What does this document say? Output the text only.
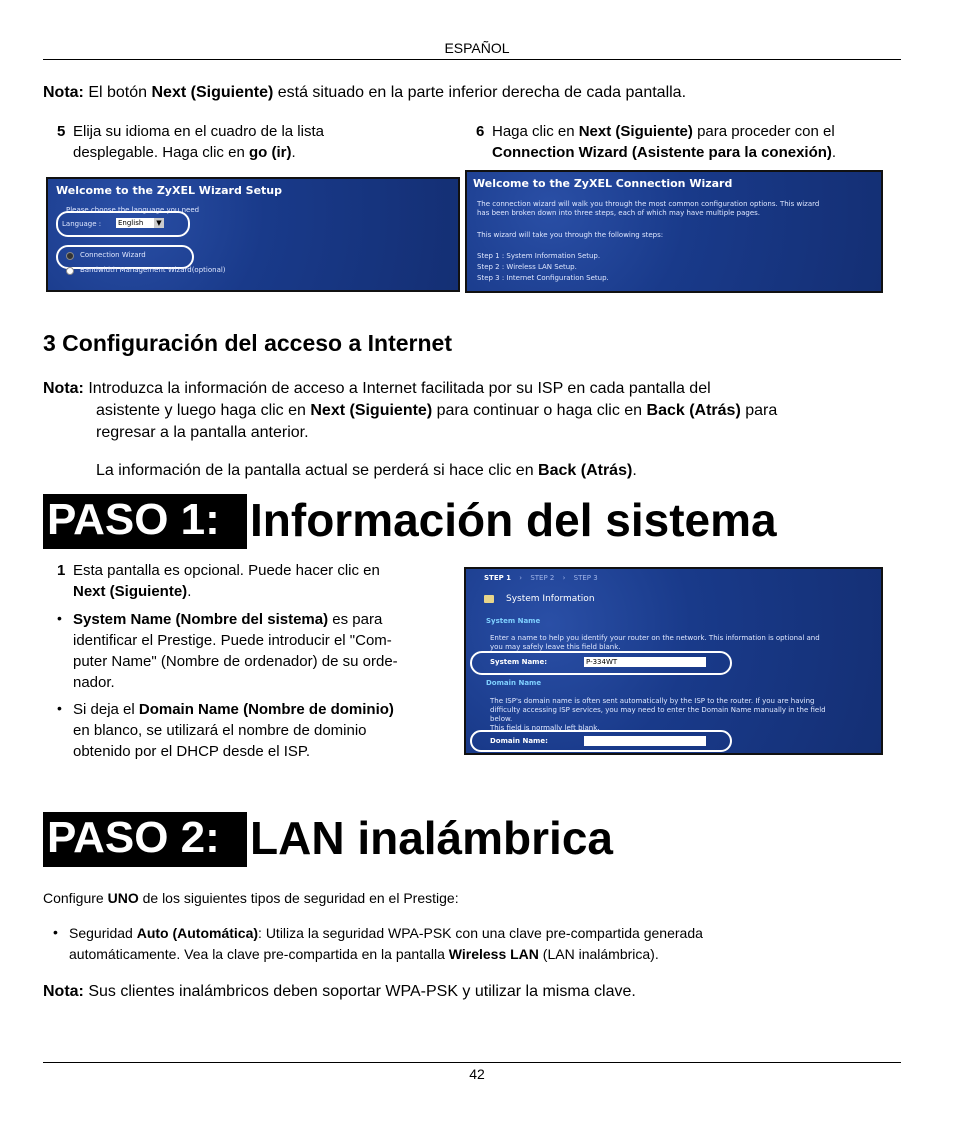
ESPAÑOL
Nota: El botón Next (Siguiente) está situado en la parte inferior derecha de cada pantalla.
5 Elija su idioma en el cuadro de la lista
desplegable. Haga clic en go (ir).
6 Haga clic en Next (Siguiente) para proceder con el
Connection Wizard (Asistente para la conexión).
Welcome to the ZyXEL Wizard Setup
Please choose the language you need
Language : English	▼
Connection Wizard
Bandwidth Management Wizard(optional)
Welcome to the ZyXEL Connection Wizard
The connection wizard will walk you through the most common configuration options. This wizard
has been broken down into three steps, each of which may have multiple pages.
This wizard will take you through the following steps:
Step 1 : System Information Setup.
Step 2 : Wireless LAN Setup.
Step 3 : Internet Configuration Setup.
3 Configuración del acceso a Internet
Nota: Introduzca la información de acceso a Internet facilitada por su ISP en cada pantalla del
asistente y luego haga clic en Next (Siguiente) para continuar o haga clic en Back (Atrás) para
regresar a la pantalla anterior.
La información de la pantalla actual se perderá si hace clic en Back (Atrás).
PASO 1: Información del sistema
1 Esta pantalla es opcional. Puede hacer clic en
Next (Siguiente).
• System Name (Nombre del sistema) es para
identificar el Prestige. Puede introducir el "Com-
puter Name" (Nombre de ordenador) de su orde-
nador.
• Si deja el Domain Name (Nombre de dominio)
en blanco, se utilizará el nombre de dominio
obtenido por el DHCP desde el ISP.
STEP 1 › STEP 2 › STEP 3
System Information
System Name
Enter a name to help you identify your router on the network. This information is optional and
you may safely leave this field blank.
System Name:	P-334WT
Domain Name
The ISP's domain name is often sent automatically by the ISP to the router. If you are having
difficulty accessing ISP services, you may need to enter the Domain Name manually in the field
below.
This field is normally left blank.
Domain Name:
PASO 2: LAN inalámbrica
Configure UNO de los siguientes tipos de seguridad en el Prestige:
• Seguridad Auto (Automática): Utiliza la seguridad WPA-PSK con una clave pre-compartida generada
automáticamente. Vea la clave pre-compartida en la pantalla Wireless LAN (LAN inalámbrica).
Nota: Sus clientes inalámbricos deben soportar WPA-PSK y utilizar la misma clave.
42
